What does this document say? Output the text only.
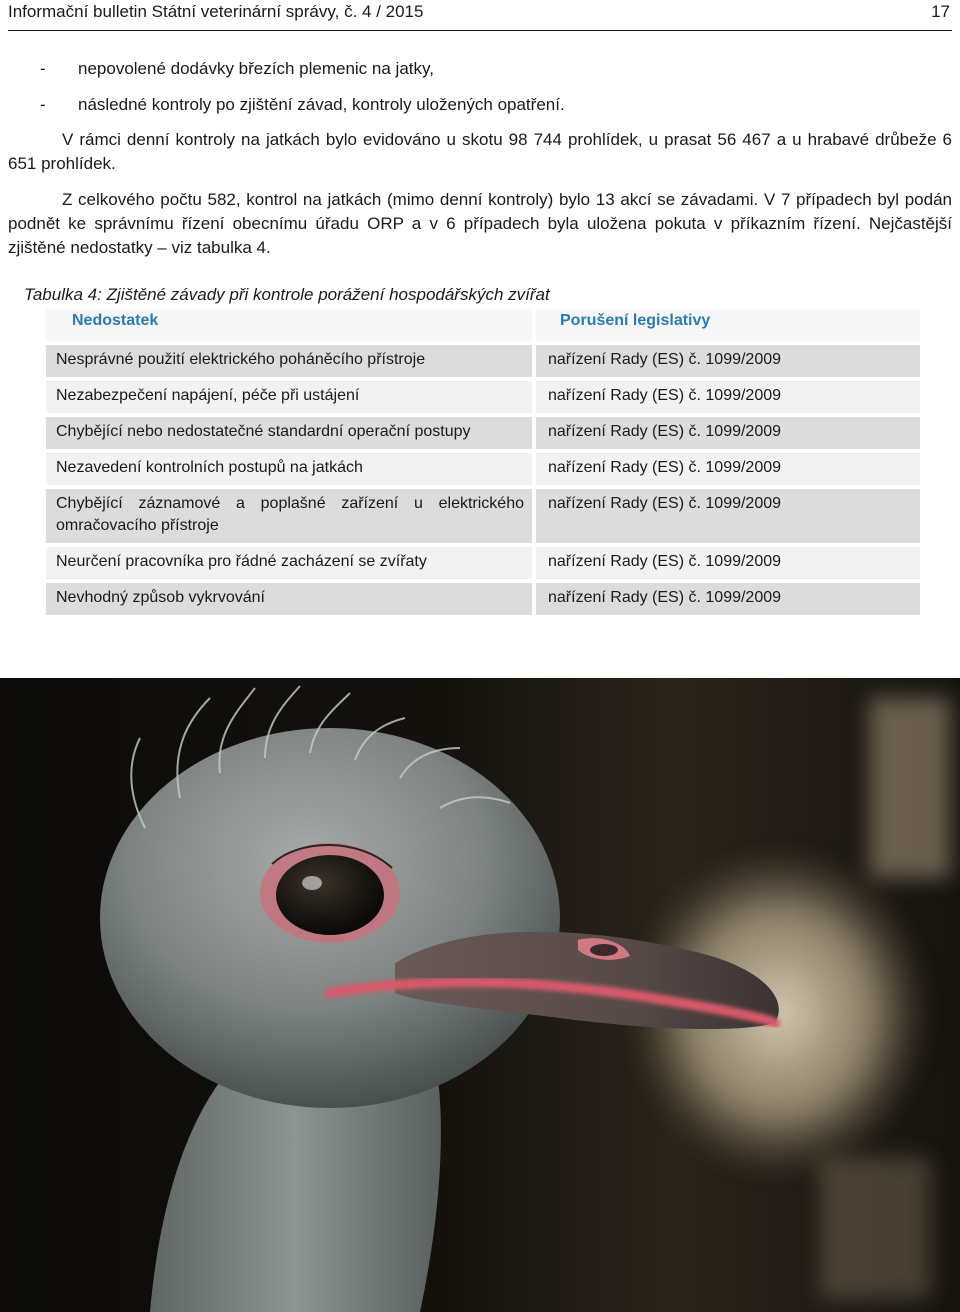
Informační bulletin Státní veterinární správy, č. 4 / 2015	17
- nepovolené dodávky březích plemenic na jatky,
- následné kontroly po zjištění závad, kontroly uložených opatření.
V rámci denní kontroly na jatkách bylo evidováno u skotu 98 744 prohlídek, u prasat 56 467 a u hrabavé drůbeže 6 651 prohlídek.
Z celkového počtu 582, kontrol na jatkách (mimo denní kontroly) bylo 13 akcí se závadami. V 7 případech byl podán podnět ke správnímu řízení obecnímu úřadu ORP a v 6 případech byla uložena pokuta v příkazním řízení. Nejčastější zjištěné nedostatky – viz tabulka 4.
Tabulka 4: Zjištěné závady při kontrole porážení hospodářských zvířat
Nedostatek	Porušení legislativy
Nesprávné použití elektrického poháněcího přístroje	nařízení Rady (ES) č. 1099/2009
Nezabezpečení napájení, péče při ustájení	nařízení Rady (ES) č. 1099/2009
Chybějící nebo nedostatečné standardní operační postupy	nařízení Rady (ES) č. 1099/2009
Nezavedení kontrolních postupů na jatkách	nařízení Rady (ES) č. 1099/2009
Chybějící záznamové a poplašné zařízení u elektrického omračovacího přístroje	nařízení Rady (ES) č. 1099/2009
Neurčení pracovníka pro řádné zacházení se zvířaty	nařízení Rady (ES) č. 1099/2009
Nevhodný způsob vykrvování	nařízení Rady (ES) č. 1099/2009
